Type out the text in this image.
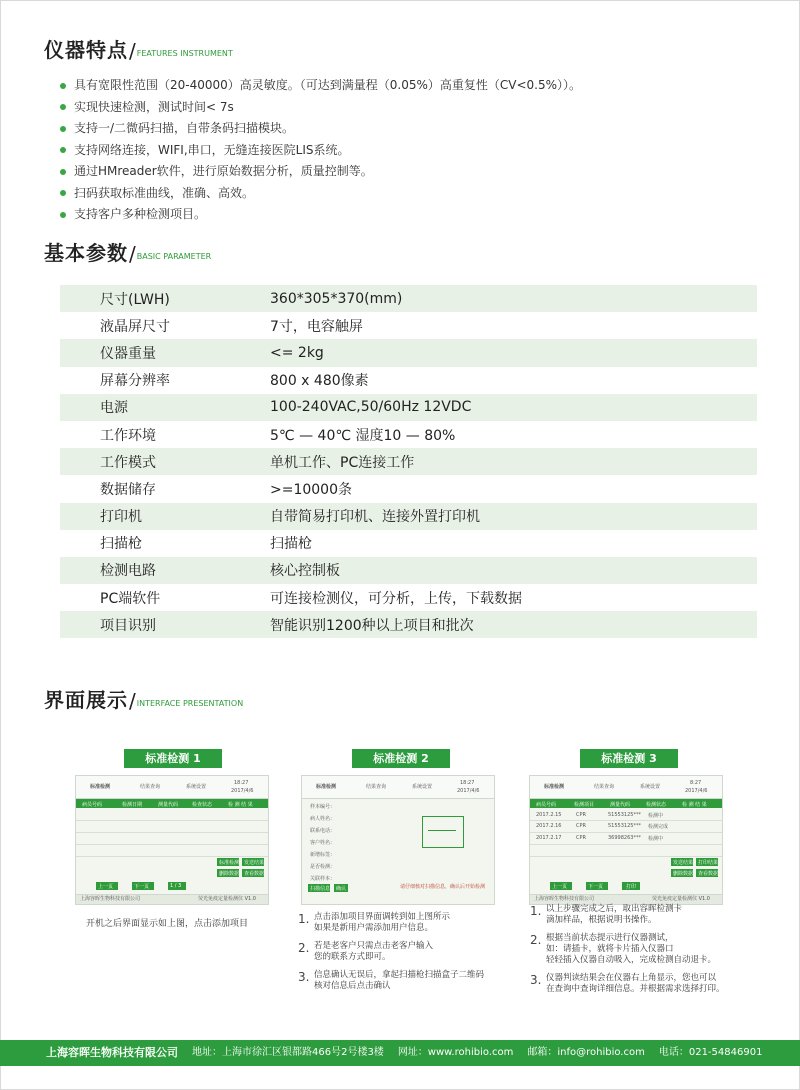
仪器特点 / FEATURES INSTRUMENT
具有宽限性范围（20-40000）高灵敏度。（可达到满量程（0.05%）高重复性（CV<0.5%））。
实现快速检测，测试时间< 7s
支持一/二微码扫描，自带条码扫描模块。
支持网络连接，WIFI,串口，无缝连接医院LIS系统。
通过HMreader软件，进行原始数据分析，质量控制等。
扫码获取标准曲线，准确、高效。
支持客户多种检测项目。
基本参数 / BASIC PARAMETER
尺寸(LWH)	360*305*370(mm)
液晶屏尺寸	7寸，电容触屏
仪器重量	<= 2kg
屏幕分辨率	800 x 480像素
电源	100-240VAC,50/60Hz 12VDC
工作环境	5℃ — 40℃ 湿度10 — 80%
工作模式	单机工作、PC连接工作
数据储存	>=10000条
打印机	自带简易打印机、连接外置打印机
扫描枪	扫描枪
检测电路	核心控制板
PC端软件	可连接检测仪，可分析，上传，下载数据
项目识别	智能识别1200种以上项目和批次
界面展示 / INTERFACE PRESENTATION
标准检测 1
标准检测	结果查询	系统设置
18:27
2017/4/6
病员号码	检测日期	测量代码	检查状态	检 测 结 果
标准检测 发送结果
删除数据 查看数据
上一页	下一页	1 / 3
上海容晖生物科技有限公司	荧光免疫定量检测仪 V1.0
开机之后界面显示如上图，点击添加项目
标准检测 2
标准检测	结果查询	系统设置
18:27
2017/4/6
样本编号：
病人姓名：
联系电话：
客户姓名：
新增标签：
是否检测：
关联样本：
扫描信息 确认	请仔细核对扫描信息，确认后开始检测
1. 点击添加项目界面调转到如上图所示
如果是新用户需添加用户信息。
2. 若是老客户只需点击老客户输入
您的联系方式即可。
3. 信息确认无误后，拿起扫描枪扫描盒子二维码
核对信息后点击确认
标准检测 3
标准检测	结果查询	系统设置
8:27
2017/4/6
病员号码	检测项目	测量代码	检测状态	检 测 结 果
2017.2.15	CPR	51553125*** 检测中
2017.2.16	CPR	51553125*** 检测完成
2017.2.17	CPR	36998263*** 检测中
发送结果 打印结果
删除数据 查看数据
上一页	下一页	打印
上海容晖生物科技有限公司	荧光免疫定量检测仪 V1.0
1. 以上步骤完成之后，取出容晖检测卡
滴加样品，根据说明书操作。
2. 根据当前状态提示进行仪器测试，
如：请插卡，就将卡片插入仪器口
轻轻插入仪器自动吸入，完成检测自动退卡。
3. 仪器判读结果会在仪器右上角显示，您也可以
在查询中查询详细信息。并根据需求选择打印。
上海容晖生物科技有限公司 地址：上海市徐汇区银都路466号2号楼3楼 网址：www.rohibio.com 邮箱：info@rohibio.com 电话：021-54846901
